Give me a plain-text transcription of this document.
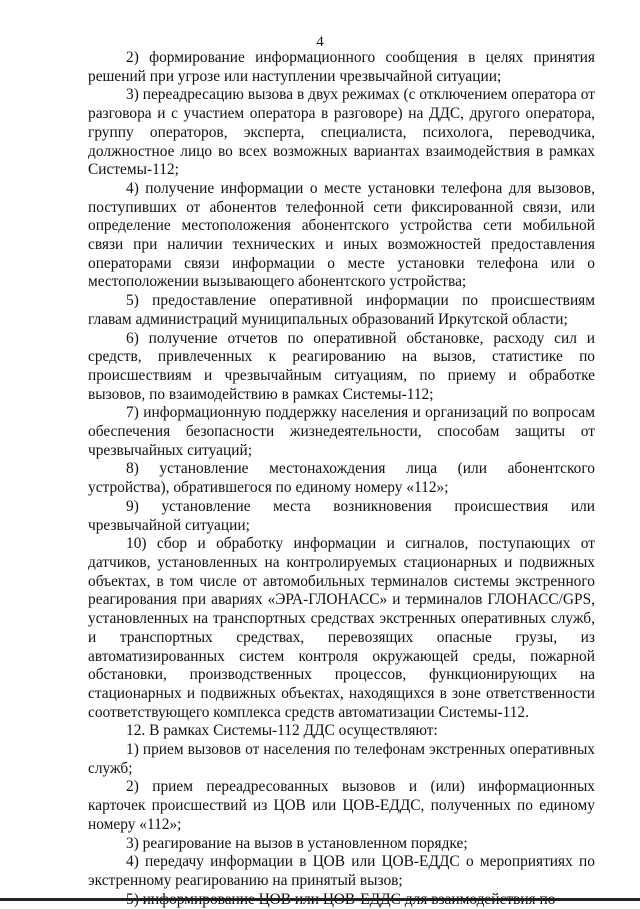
4

2) формирование информационного сообщения в целях принятия решений при угрозе или наступлении чрезвычайной ситуации;

3) переадресацию вызова в двух режимах (с отключением оператора от разговора и с участием оператора в разговоре) на ДДС, другого оператора, группу операторов, эксперта, специалиста, психолога, переводчика, должностное лицо во всех возможных вариантах взаимодействия в рамках Системы-112;

4) получение информации о месте установки телефона для вызовов, поступивших от абонентов телефонной сети фиксированной связи, или определение местоположения абонентского устройства сети мобильной связи при наличии технических и иных возможностей предоставления операторами связи информации о месте установки телефона или о местоположении вызывающего абонентского устройства;

5) предоставление оперативной информации по происшествиям главам администраций муниципальных образований Иркутской области;

6) получение отчетов по оперативной обстановке, расходу сил и средств, привлеченных к реагированию на вызов, статистике по происшествиям и чрезвычайным ситуациям, по приему и обработке вызовов, по взаимодействию в рамках Системы-112;

7) информационную поддержку населения и организаций по вопросам обеспечения безопасности жизнедеятельности, способам защиты от чрезвычайных ситуаций;

8) установление местонахождения лица (или абонентского устройства), обратившегося по единому номеру «112»;

9) установление места возникновения происшествия или чрезвычайной ситуации;

10) сбор и обработку информации и сигналов, поступающих от датчиков, установленных на контролируемых стационарных и подвижных объектах, в том числе от автомобильных терминалов системы экстренного реагирования при авариях «ЭРА-ГЛОНАСС» и терминалов ГЛОНАСС/GPS, установленных на транспортных средствах экстренных оперативных служб, и транспортных средствах, перевозящих опасные грузы, из автоматизированных систем контроля окружающей среды, пожарной обстановки, производственных процессов, функционирующих на стационарных и подвижных объектах, находящихся в зоне ответственности соответствующего комплекса средств автоматизации Системы-112.

12. В рамках Системы-112 ДДС осуществляют:

1) прием вызовов от населения по телефонам экстренных оперативных служб;

2) прием переадресованных вызовов и (или) информационных карточек происшествий из ЦОВ или ЦОВ-ЕДДС, полученных по единому номеру «112»;

3) реагирование на вызов в установленном порядке;

4) передачу информации в ЦОВ или ЦОВ-ЕДДС о мероприятиях по экстренному реагированию на принятый вызов;
